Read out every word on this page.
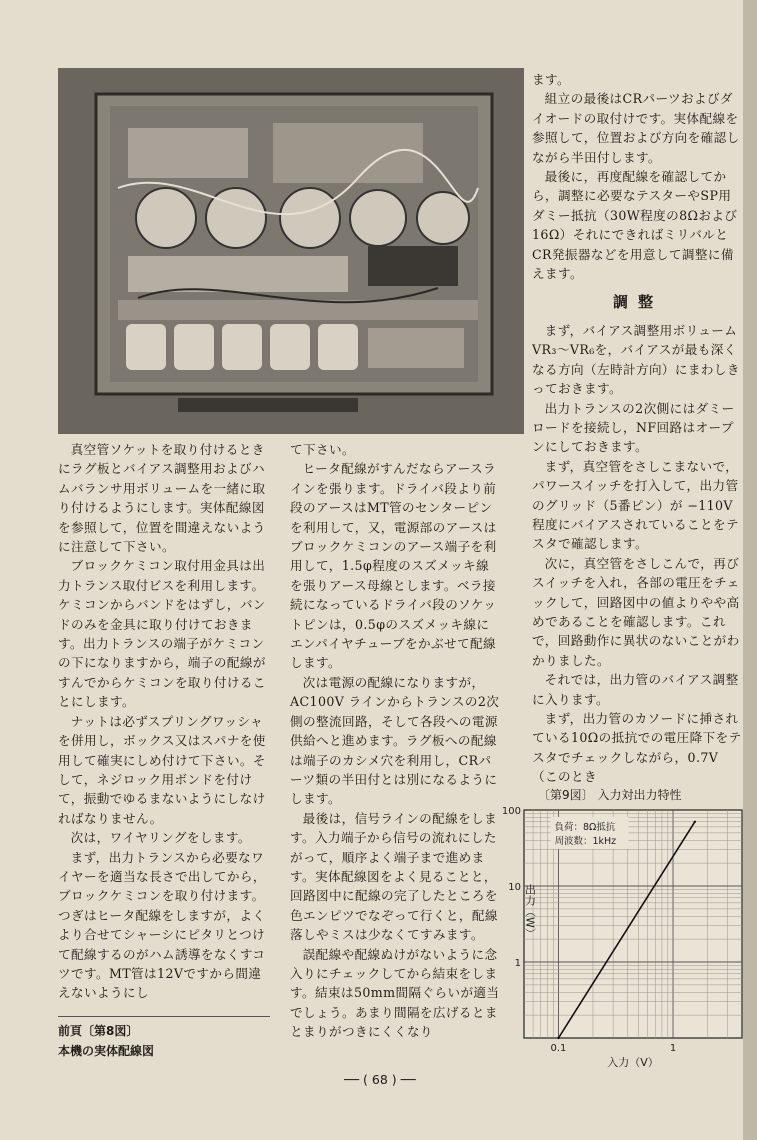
真空管ソケットを取り付けるときにラグ板とバイアス調整用およびハムバランサ用ボリュームを一緒に取り付けるようにします。実体配線図を参照して，位置を間違えないように注意して下さい。

ブロックケミコン取付用金具は出力トランス取付ビスを利用します。ケミコンからバンドをはずし，バンドのみを金具に取り付けておきます。出力トランスの端子がケミコンの下になりますから，端子の配線がすんでからケミコンを取り付けることにします。

ナットは必ずスプリングワッシャを併用し，ボックス又はスパナを使用して確実にしめ付けて下さい。そして，ネジロック用ボンドを付けて，振動でゆるまないようにしなければなりません。

次は，ワイヤリングをします。

まず，出力トランスから必要なワイヤーを適当な長さで出してから，ブロックケミコンを取り付けます。つぎはヒータ配線をしますが，よくより合せてシャーシにピタリとつけて配線するのがハム誘導をなくすコツです。MT管は12Vですから間違えないようにし

て下さい。

ヒータ配線がすんだならアースラインを張ります。ドライバ段より前段のアースはMT管のセンターピンを利用して，又，電源部のアースはブロックケミコンのアース端子を利用して，1.5φ程度のスズメッキ線を張りアース母線とします。ベラ接続になっているドライバ段のソケットピンは，0.5φのスズメッキ線にエンパイヤチューブをかぶせて配線します。

次は電源の配線になりますが，AC100V ラインからトランスの2次側の整流回路，そして各段への電源供給へと進めます。ラグ板への配線は端子のカシメ穴を利用し，CRパーツ類の半田付とは別になるようにします。

最後は，信号ラインの配線をします。入力端子から信号の流れにしたがって，順序よく端子まで進めます。実体配線図をよく見ることと，回路図中に配線の完了したところを色エンピツでなぞって行くと，配線落しやミスは少なくてすみます。

誤配線や配線ぬけがないように念入りにチェックしてから結束をします。結束は50mm間隔ぐらいが適当でしょう。あまり間隔を広げるとまとまりがつきにくくなり

ます。

組立の最後はCRパーツおよびダイオードの取付けです。実体配線を参照して，位置および方向を確認しながら半田付します。

最後に，再度配線を確認してから，調整に必要なテスターやSP用ダミー抵抗（30W程度の8Ωおよび16Ω）それにできればミリバルとCR発振器などを用意して調整に備えます。

調整

まず，バイアス調整用ボリュームVR₃〜VR₆を，バイアスが最も深くなる方向（左時計方向）にまわしきっておきます。

出力トランスの2次側にはダミーロードを接続し，NF回路はオープンにしておきます。

まず，真空管をさしこまないで，パワースイッチを打入して，出力管のグリッド（5番ピン）が −110V 程度にバイアスされていることをテスタで確認します。

次に，真空管をさしこんで，再びスイッチを入れ，各部の電圧をチェックして，回路図中の値よりやや高めであることを確認します。これで，回路動作に異状のないことがわかりました。

それでは，出力管のバイアス調整に入ります。

まず，出力管のカソードに挿されている10Ωの抵抗での電圧降下をテスタでチェックしながら，0.7V（このとき

前頁〔第8図〕
本機の実体配線図
〔第9図〕 入力対出力特性
100
10
1
0.1	1
入力（V）
出力（W）
負荷：8Ω抵抗
周波数：1kHz
── ( 68 ) ──
